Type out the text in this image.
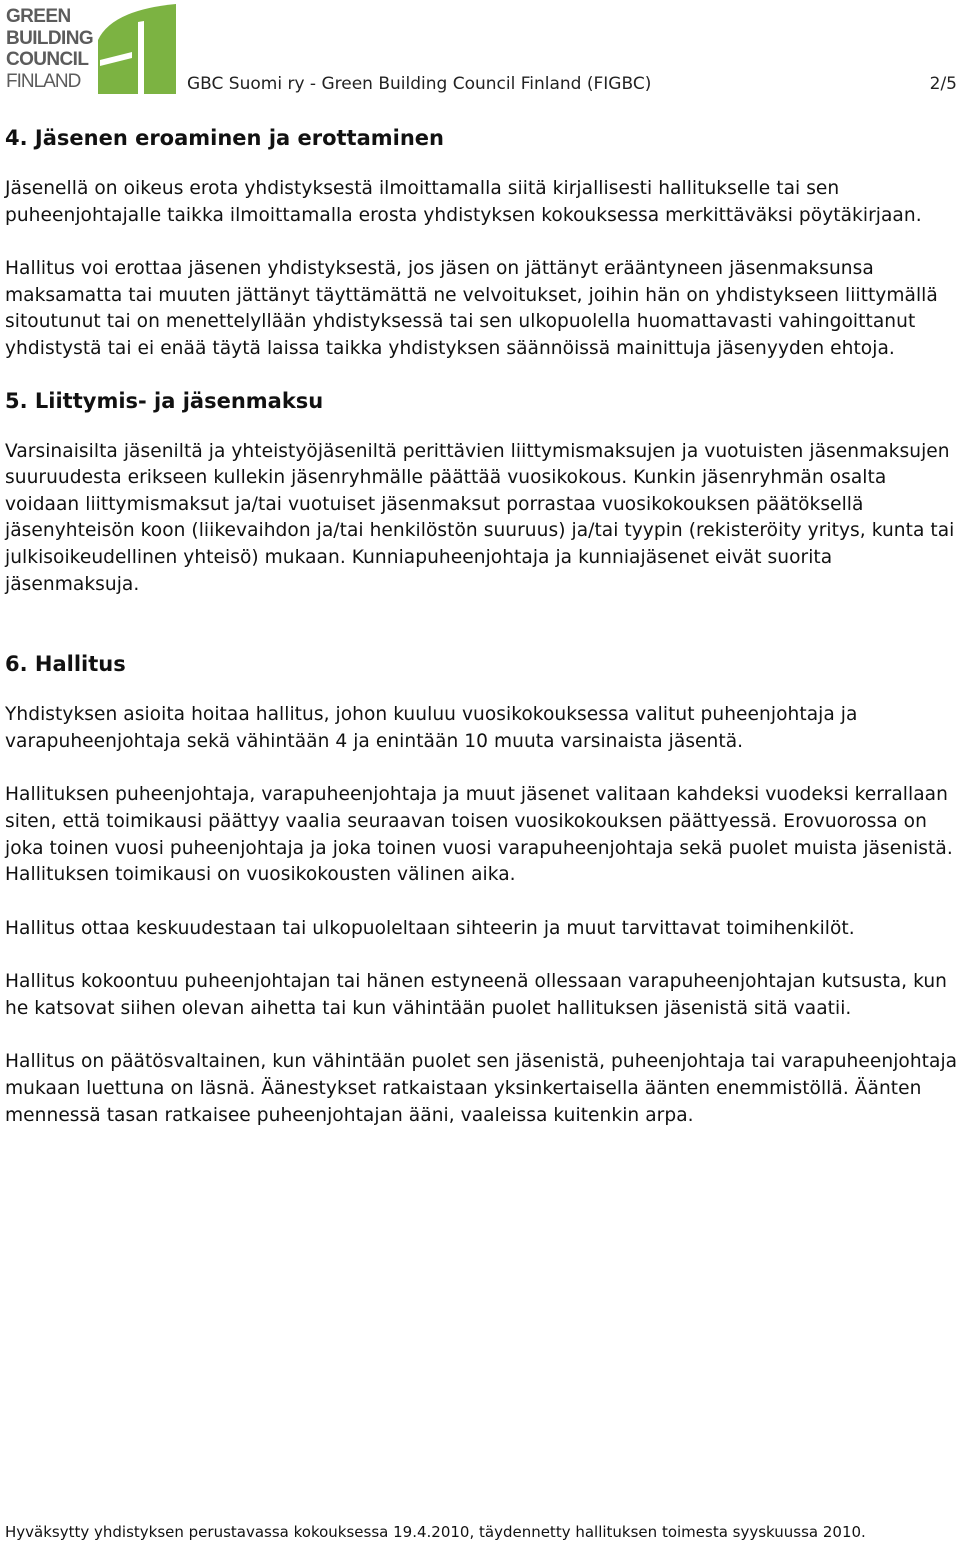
GREEN
BUILDING
COUNCIL
FINLAND	GBC Suomi ry - Green Building Council Finland (FIGBC)	2/5
4. Jäsenen eroaminen ja erottaminen

Jäsenellä on oikeus erota yhdistyksestä ilmoittamalla siitä kirjallisesti hallitukselle tai sen puheenjohtajalle taikka ilmoittamalla erosta yhdistyksen kokouksessa merkittäväksi pöytäkirjaan.

Hallitus voi erottaa jäsenen yhdistyksestä, jos jäsen on jättänyt erääntyneen jäsenmaksunsa maksamatta tai muuten jättänyt täyttämättä ne velvoitukset, joihin hän on yhdistykseen liittymällä sitoutunut tai on menettelyllään yhdistyksessä tai sen ulkopuolella huomattavasti vahingoittanut yhdistystä tai ei enää täytä laissa taikka yhdistyksen säännöissä mainittuja jäsenyyden ehtoja.

5. Liittymis- ja jäsenmaksu

Varsinaisilta jäseniltä ja yhteistyöjäseniltä perittävien liittymismaksujen ja vuotuisten jäsenmaksujen suuruudesta erikseen kullekin jäsenryhmälle päättää vuosikokous. Kunkin jäsenryhmän osalta voidaan liittymismaksut ja/tai vuotuiset jäsenmaksut porrastaa vuosikokouksen päätöksellä jäsenyhteisön koon (liikevaihdon ja/tai henkilöstön suuruus) ja/tai tyypin (rekisteröity yritys, kunta tai julkisoikeudellinen yhteisö) mukaan. Kunniapuheenjohtaja ja kunniajäsenet eivät suorita jäsenmaksuja.

6. Hallitus

Yhdistyksen asioita hoitaa hallitus, johon kuuluu vuosikokouksessa valitut puheenjohtaja ja varapuheenjohtaja sekä vähintään 4 ja enintään 10 muuta varsinaista jäsentä.

Hallituksen puheenjohtaja, varapuheenjohtaja ja muut jäsenet valitaan kahdeksi vuodeksi kerrallaan siten, että toimikausi päättyy vaalia seuraavan toisen vuosikokouksen päättyessä. Erovuorossa on joka toinen vuosi puheenjohtaja ja joka toinen vuosi varapuheenjohtaja sekä puolet muista jäsenistä. Hallituksen toimikausi on vuosikokousten välinen aika.

Hallitus ottaa keskuudestaan tai ulkopuoleltaan sihteerin ja muut tarvittavat toimihenkilöt.

Hallitus kokoontuu puheenjohtajan tai hänen estyneenä ollessaan varapuheenjohtajan kutsusta, kun he katsovat siihen olevan aihetta tai kun vähintään puolet hallituksen jäsenistä sitä vaatii.

Hallitus on päätösvaltainen, kun vähintään puolet sen jäsenistä, puheenjohtaja tai varapuheenjohtaja mukaan luettuna on läsnä. Äänestykset ratkaistaan yksinkertaisella äänten enemmistöllä. Äänten mennessä tasan ratkaisee puheenjohtajan ääni, vaaleissa kuitenkin arpa.

Hyväksytty yhdistyksen perustavassa kokouksessa 19.4.2010, täydennetty hallituksen toimesta syyskuussa 2010.
